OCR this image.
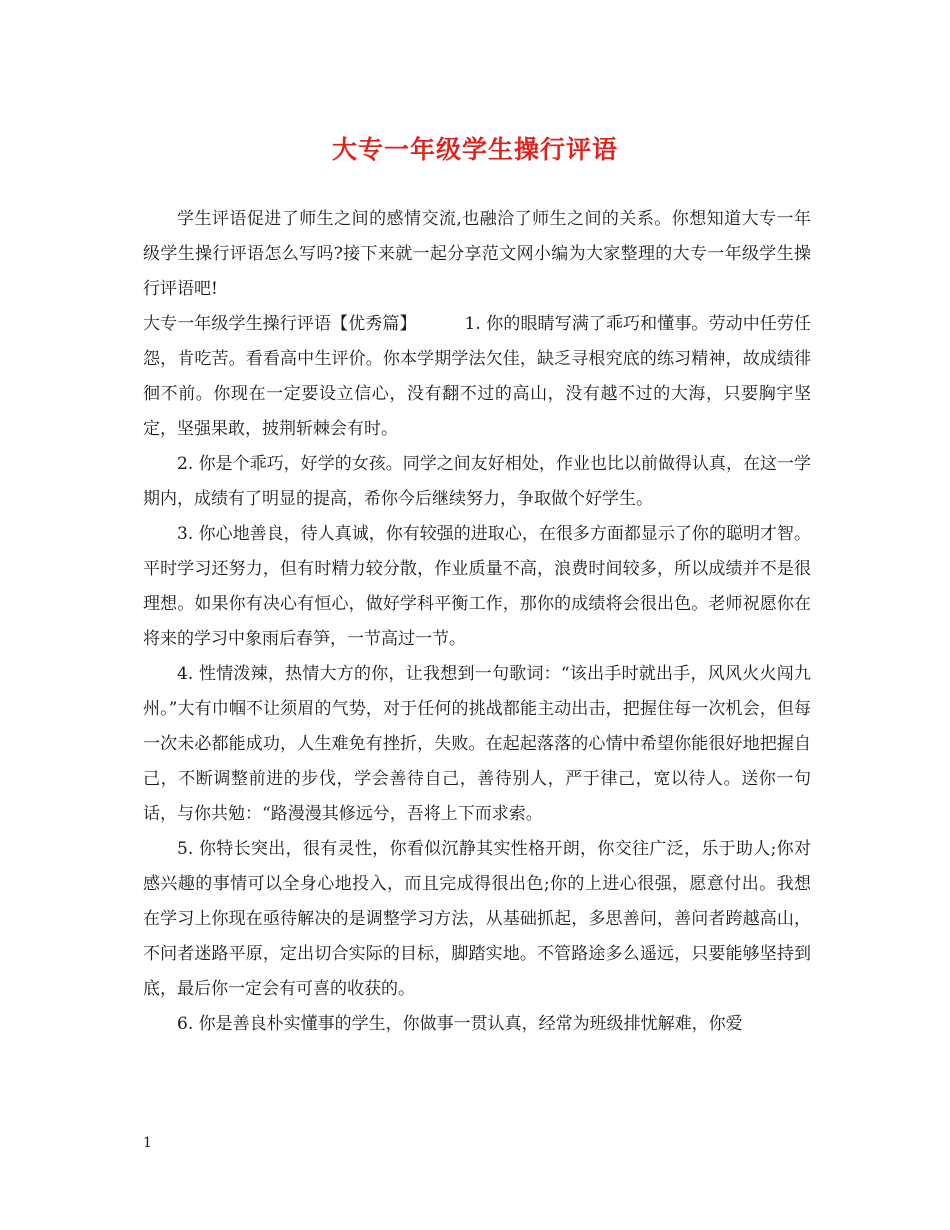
大专一年级学生操行评语

学生评语促进了师生之间的感情交流,也融洽了师生之间的关系。你想知道大专一年级学生操行评语怎么写吗?接下来就一起分享范文网小编为大家整理的大专一年级学生操行评语吧!

大专一年级学生操行评语【优秀篇】	1. 你的眼睛写满了乖巧和懂事。劳动中任劳任怨，肯吃苦。看看高中生评价。你本学期学法欠佳，缺乏寻根究底的练习精神，故成绩徘徊不前。你现在一定要设立信心，没有翻不过的高山，没有越不过的大海，只要胸宇坚定，坚强果敢，披荆斩棘会有时。

2. 你是个乖巧，好学的女孩。同学之间友好相处，作业也比以前做得认真，在这一学期内，成绩有了明显的提高，希你今后继续努力，争取做个好学生。

3. 你心地善良，待人真诚，你有较强的进取心，在很多方面都显示了你的聪明才智。平时学习还努力，但有时精力较分散，作业质量不高，浪费时间较多，所以成绩并不是很理想。如果你有决心有恒心，做好学科平衡工作，那你的成绩将会很出色。老师祝愿你在将来的学习中象雨后春笋，一节高过一节。

4. 性情泼辣，热情大方的你，让我想到一句歌词：“该出手时就出手，风风火火闯九州。”大有巾帼不让须眉的气势，对于任何的挑战都能主动出击，把握住每一次机会，但每一次未必都能成功，人生难免有挫折，失败。在起起落落的心情中希望你能很好地把握自己，不断调整前进的步伐，学会善待自己，善待别人，严于律己，宽以待人。送你一句话，与你共勉：“路漫漫其修远兮，吾将上下而求索。

5. 你特长突出，很有灵性，你看似沉静其实性格开朗，你交往广泛，乐于助人;你对感兴趣的事情可以全身心地投入，而且完成得很出色;你的上进心很强，愿意付出。我想在学习上你现在亟待解决的是调整学习方法，从基础抓起，多思善问，善问者跨越高山，不问者迷路平原，定出切合实际的目标，脚踏实地。不管路途多么遥远，只要能够坚持到底，最后你一定会有可喜的收获的。

6. 你是善良朴实懂事的学生，你做事一贯认真，经常为班级排忧解难，你爱

1
